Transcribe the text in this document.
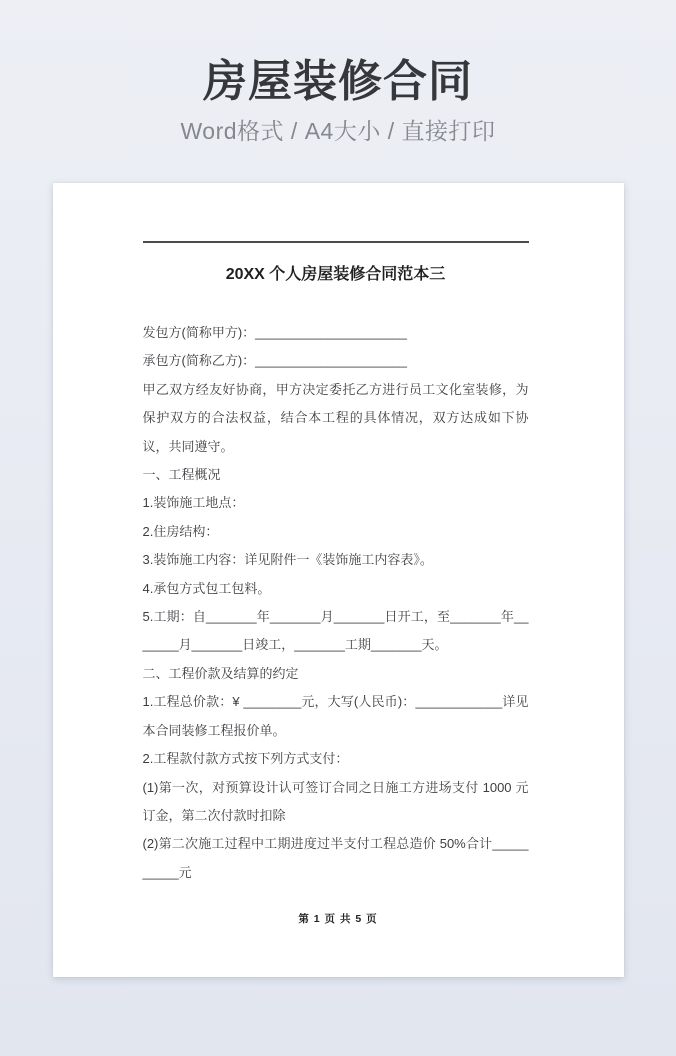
房屋装修合同

Word格式 / A4大小 / 直接打印

20XX 个人房屋装修合同范本三

发包方(简称甲方)：_____________________

承包方(简称乙方)：_____________________

甲乙双方经友好协商，甲方决定委托乙方进行员工文化室装修，为保护双方的合法权益，结合本工程的具体情况，双方达成如下协议，共同遵守。

一、工程概况

1.装饰施工地点：

2.住房结构：

3.装饰施工内容：详见附件一《装饰施工内容表》。

4.承包方式包工包料。

5.工期：自_______年_______月_______日开工，至_______年_______月_______日竣工，_______工期_______天。

二、工程价款及结算的约定

1.工程总价款：¥ ________元，大写(人民币)：____________详见本合同装修工程报价单。

2.工程款付款方式按下列方式支付：

(1)第一次，对预算设计认可签订合同之日施工方进场支付 1000 元订金，第二次付款时扣除

(2)第二次施工过程中工期进度过半支付工程总造价 50%合计__________元

第 1 页 共 5 页
